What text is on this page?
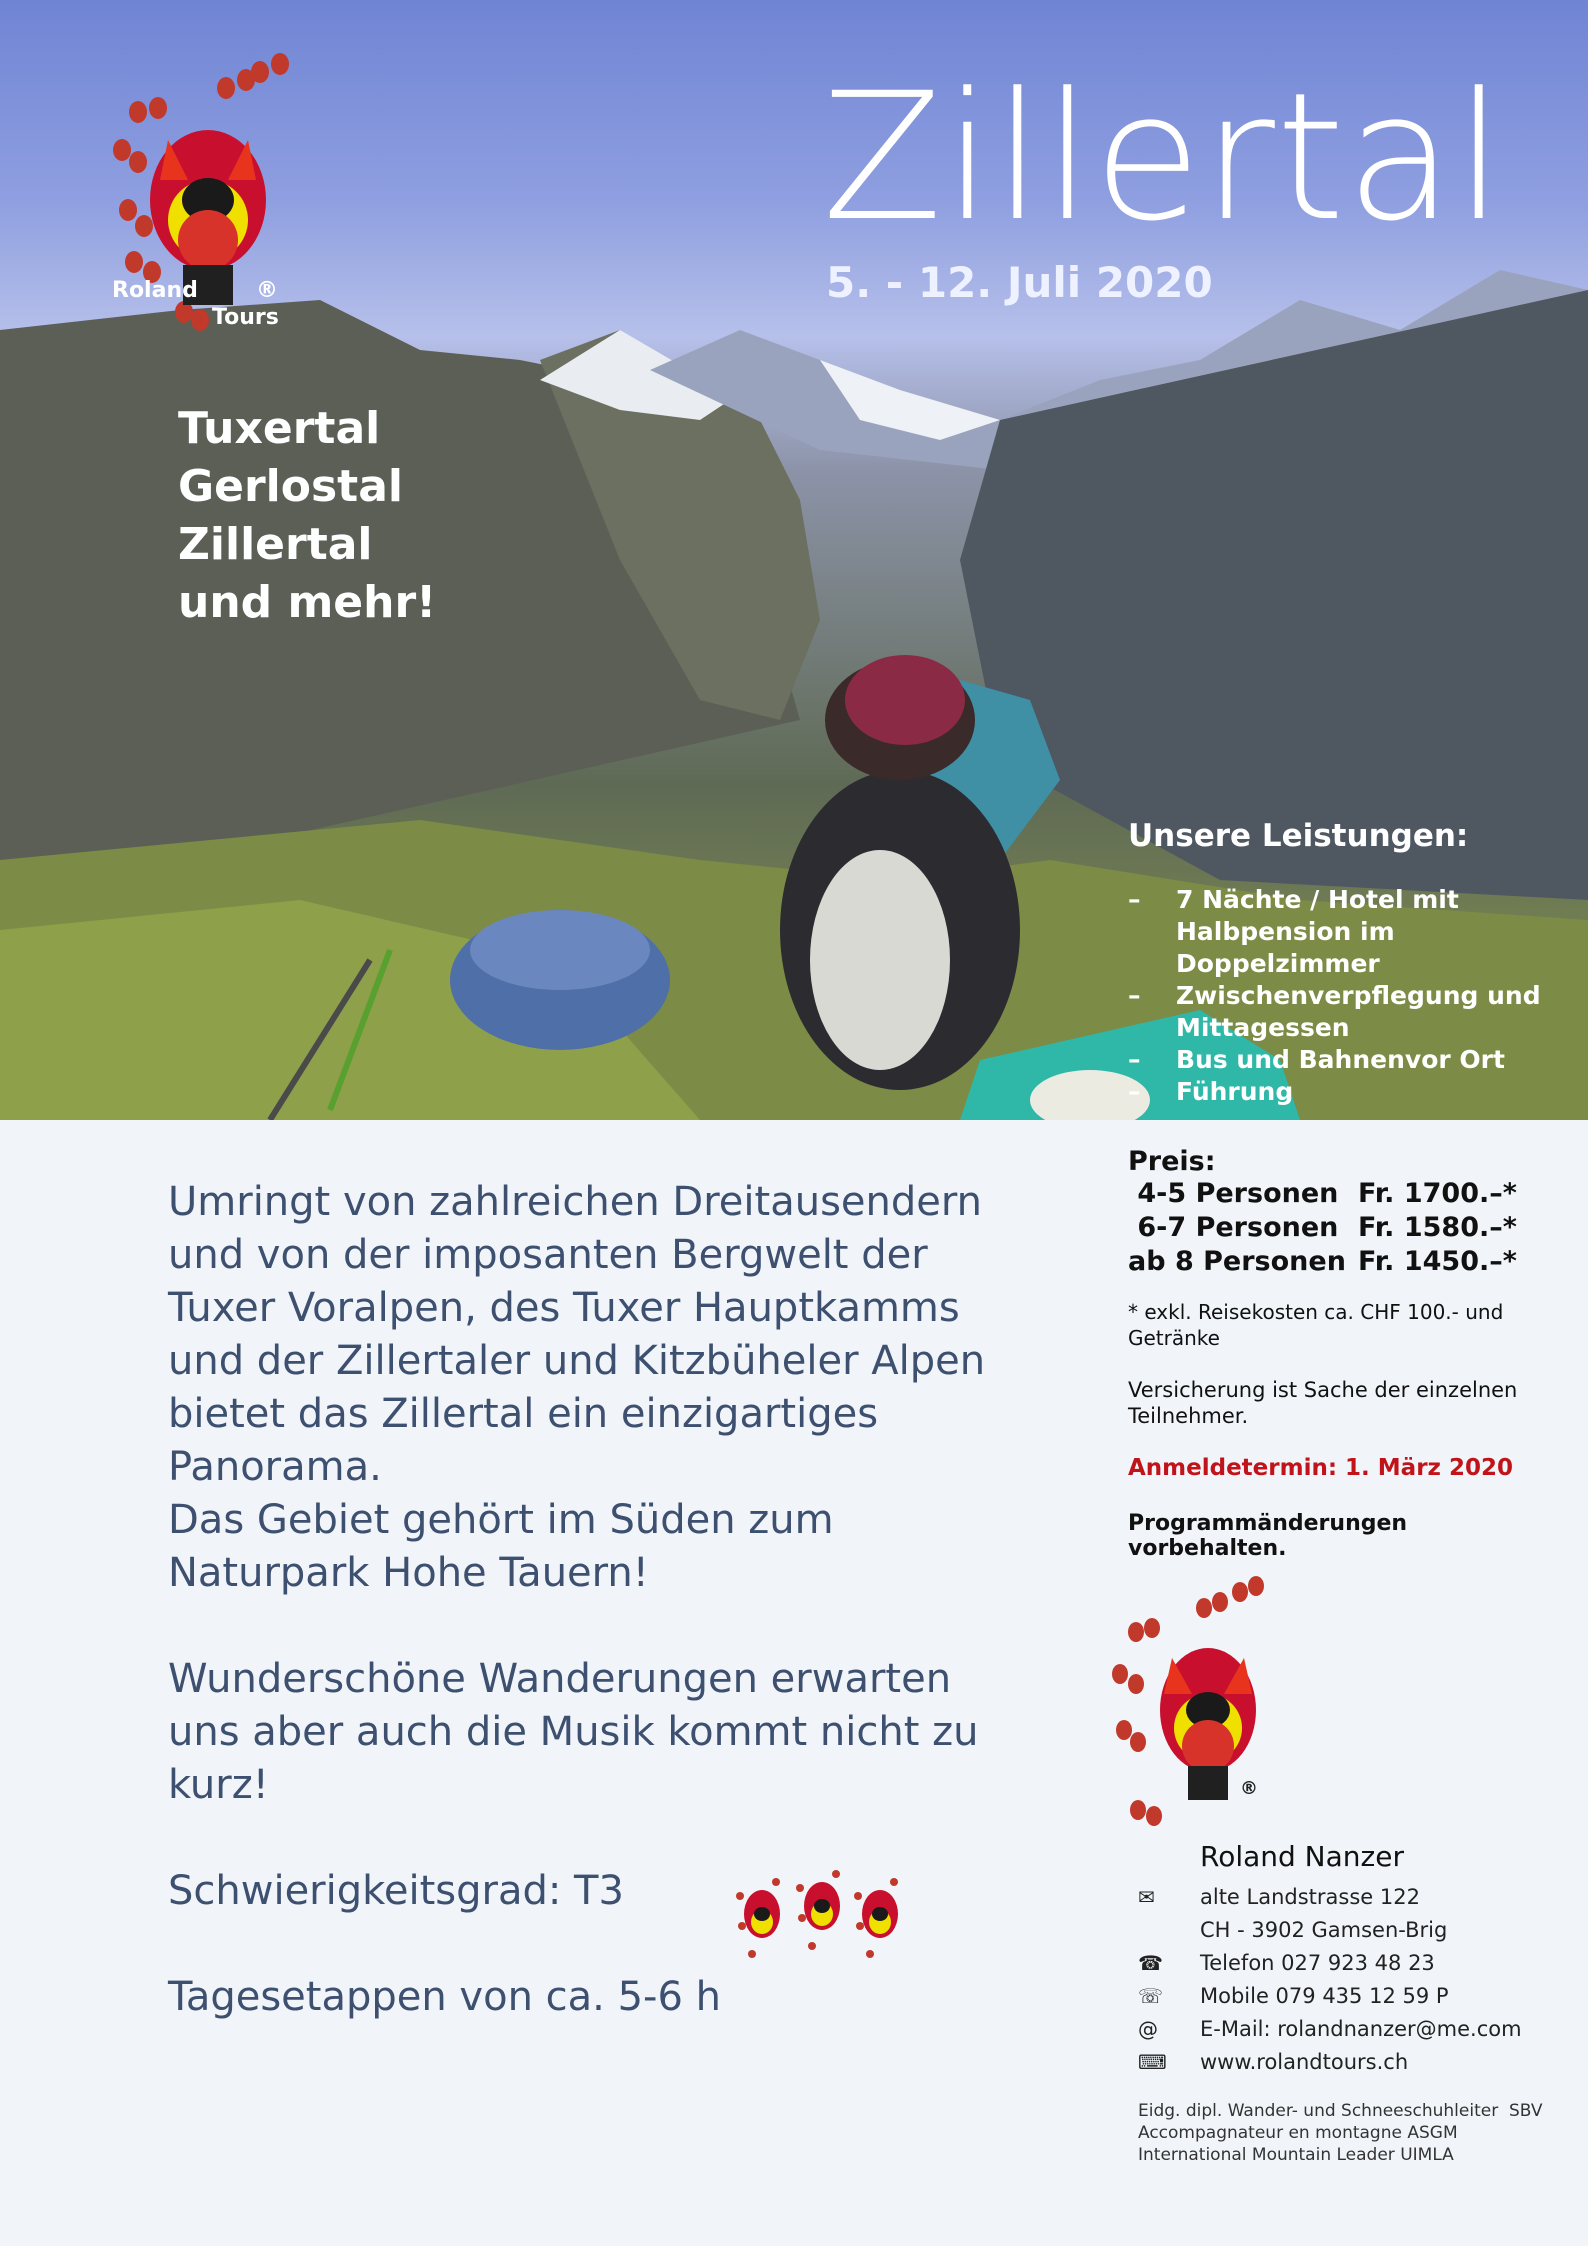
Zillertal
5. - 12. Juli 2020
Tuxertal
Gerlostal
Zillertal
und mehr!
Unsere Leistungen:
– 7 Nächte / Hotel mit Halbpension im Doppelzimmer
– Zwischenverpflegung und Mittagessen
– Bus und Bahnenvor Ort
– Führung
Roland
Tours
®

Umringt von zahlreichen Dreitausendern und von der imposanten Bergwelt der Tuxer Voralpen, des Tuxer Hauptkamms und der Zillertaler und Kitzbüheler Alpen bietet das Zillertal ein einzigartiges Panorama.

Das Gebiet gehört im Süden zum Naturpark Hohe Tauern!

Wunderschöne Wanderungen erwarten uns aber auch die Musik kommt nicht zu kurz!

Schwierigkeitsgrad: T3

Tagesetappen von ca. 5-6 h

Preis:
4-5 Personen Fr. 1700.–*
6-7 Personen Fr. 1580.–*
ab 8 Personen Fr. 1450.–*
* exkl. Reisekosten ca. CHF 100.- und Getränke
Versicherung ist Sache der einzelnen Teilnehmer.
Anmeldetermin: 1. März 2020
Programmänderungen vorbehalten.
®
Roland Nanzer
✉	alte Landstrasse 122
CH - 3902 Gamsen-Brig
☎	Telefon 027 923 48 23
☏	Mobile 079 435 12 59 P
@	E-Mail: rolandnanzer@me.com
⌨	www.rolandtours.ch
Eidg. dipl. Wander- und Schneeschuhleiter  SBV
Accompagnateur en montagne ASGM
International Mountain Leader UIMLA
